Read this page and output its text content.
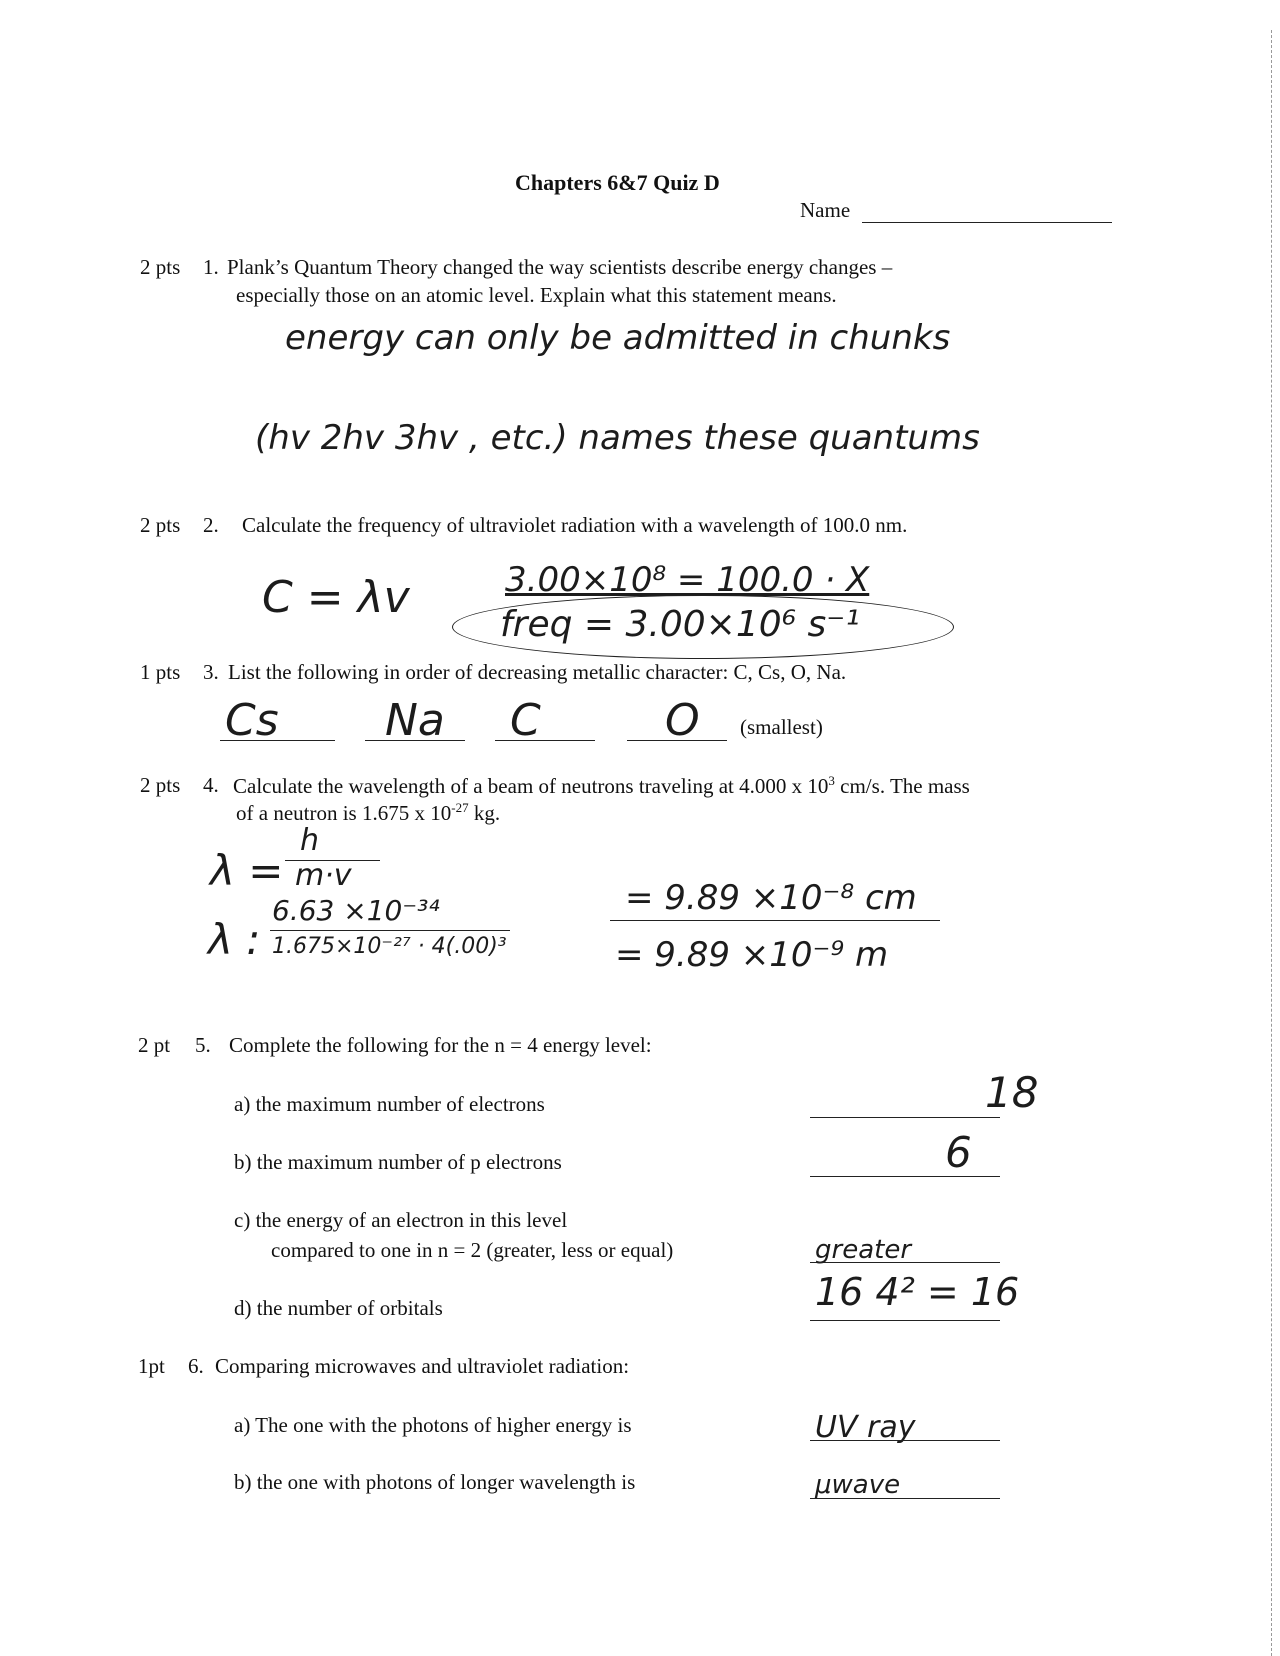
Chapters 6&7 Quiz D
Name
2 pts 1. Plank’s Quantum Theory changed the way scientists describe energy changes –
especially those on an atomic level. Explain what this statement means.
energy can only be admitted in chunks
(hv 2hv 3hv , etc.) names these quantums
2 pts 2. Calculate the frequency of ultraviolet radiation with a wavelength of 100.0 nm.
C = λv	3.00×10⁸ = 100.0 · X
freq = 3.00×10⁶ s⁻¹
1 pts 3. List the following in order of decreasing metallic character: C, Cs, O, Na.
Cs Na C	O (smallest)
2 pts 4. Calculate the wavelength of a beam of neutrons traveling at 4.000 x $10^3$ cm/s. The mass
of a neutron is 1.675 x $10^{-27}$ kg.
λ =
h
m·v
λ :
6.63 ×10⁻³⁴
1.675×10⁻²⁷ · 4(.00)³
= 9.89 ×10⁻⁸ cm
= 9.89 ×10⁻⁹ m
2 pt 5. Complete the following for the n = 4 energy level:
a) the maximum number of electrons	18
b) the maximum number of p electrons	6
c) the energy of an electron in this level
compared to one in n = 2 (greater, less or equal)	greater
d) the number of orbitals	16 4² = 16
1pt 6. Comparing microwaves and ultraviolet radiation:
a) The one with the photons of higher energy is	UV ray
b) the one with photons of longer wavelength is	μwave
